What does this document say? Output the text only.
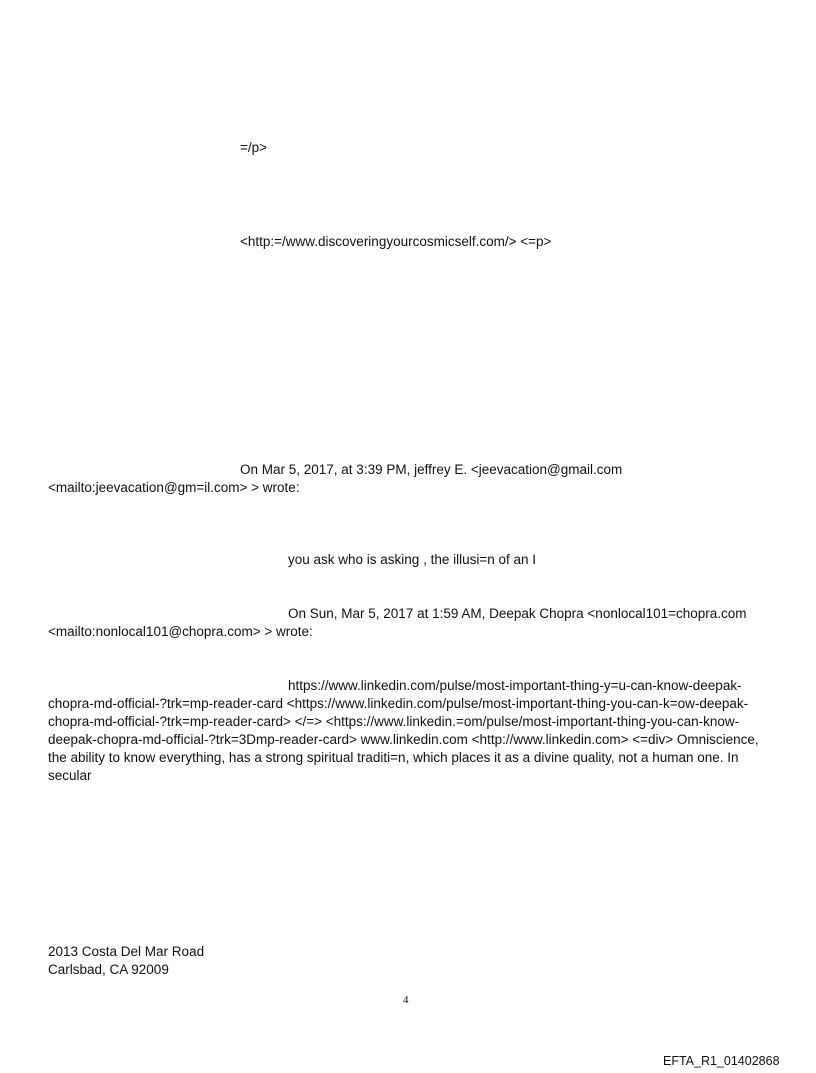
=/p>
<http:=/www.discoveringyourcosmicself.com/> <=p>
On Mar 5, 2017, at 3:39 PM, jeffrey E. <jeevacation@gmail.com
<mailto:jeevacation@gm=il.com> > wrote:
you ask who is asking , the illusi=n of an I
On Sun, Mar 5, 2017 at 1:59 AM, Deepak Chopra <nonlocal101=chopra.com
<mailto:nonlocal101@chopra.com> > wrote:
https://www.linkedin.com/pulse/most-important-thing-y=u-can-know-deepak-chopra-md-official-?trk=mp-reader-card <https://www.linkedin.com/pulse/most-important-thing-you-can-k=ow-deepak-chopra-md-official-?trk=mp-reader-card> </=> <https://www.linkedin.=om/pulse/most-important-thing-you-can-know-deepak-chopra-md-official-?trk=3Dmp-reader-card> www.linkedin.com <http://www.linkedin.com> <=div> Omniscience, the ability to know everything, has a strong spiritual traditi=n, which places it as a divine quality, not a human one. In secular
2013 Costa Del Mar Road
Carlsbad, CA 92009
4
EFTA_R1_01402868
